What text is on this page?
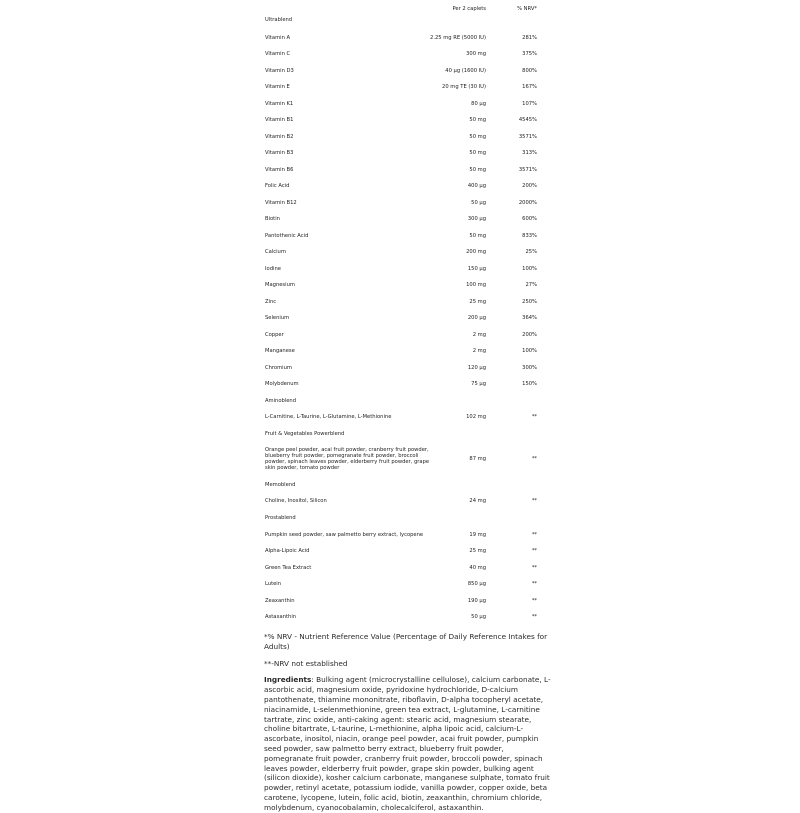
Per 2 caplets	% NRV*
Ultrablend
Vitamin A	2.25 mg RE (5000 IU)	281%
Vitamin C	300 mg	375%
Vitamin D3	40 µg (1600 IU)	800%
Vitamin E	20 mg TE (30 IU)	167%
Vitamin K1	80 µg	107%
Vitamin B1	50 mg	4545%
Vitamin B2	50 mg	3571%
Vitamin B3	50 mg	313%
Vitamin B6	50 mg	3571%
Folic Acid	400 µg	200%
Vitamin B12	50 µg	2000%
Biotin	300 µg	600%
Pantothenic Acid	50 mg	833%
Calcium	200 mg	25%
Iodine	150 µg	100%
Magnesium	100 mg	27%
Zinc	25 mg	250%
Selenium	200 µg	364%
Copper	2 mg	200%
Manganese	2 mg	100%
Chromium	120 µg	300%
Molybdenum	75 µg	150%
Aminoblend
L-Carnitine, L-Taurine, L-Glutamine, L-Methionine	102 mg	**
Fruit & Vegetables Powerblend
Orange peel powder, acai fruit powder, cranberry fruit powder, blueberry fruit powder, pomegranate fruit powder, broccoli powder, spinach leaves powder, elderberry fruit powder, grape skin powder, tomato powder
87 mg	**
Memoblend
Choline, Inositol, Silicon	24 mg	**
Prostablend
Pumpkin seed powder, saw palmetto berry extract, lycopene	19 mg	**
Alpha-Lipoic Acid	25 mg	**
Green Tea Extract	40 mg	**
Lutein	850 µg	**
Zeaxanthin	190 µg	**
Astaxanthin	50 µg	**

*% NRV - Nutrient Reference Value (Percentage of Daily Reference Intakes for Adults)

**-NRV not established

Ingredients: Bulking agent (microcrystalline cellulose), calcium carbonate, L-ascorbic acid, magnesium oxide, pyridoxine hydrochloride, D-calcium pantothenate, thiamine mononitrate, riboflavin, D-alpha tocopheryl acetate, niacinamide, L-selenmethionine, green tea extract, L-glutamine, L-carnitine tartrate, zinc oxide, anti-caking agent: stearic acid, magnesium stearate, choline bitartrate, L-taurine, L-methionine, alpha lipoic acid, calcium-L-ascorbate, inositol, niacin, orange peel powder, acai fruit powder, pumpkin seed powder, saw palmetto berry extract, blueberry fruit powder, pomegranate fruit powder, cranberry fruit powder, broccoli powder, spinach leaves powder, elderberry fruit powder, grape skin powder, bulking agent (silicon dioxide), kosher calcium carbonate, manganese sulphate, tomato fruit powder, retinyl acetate, potassium iodide, vanilla powder, copper oxide, beta carotene, lycopene, lutein, folic acid, biotin, zeaxanthin, chromium chloride, molybdenum, cyanocobalamin, cholecalciferol, astaxanthin.
